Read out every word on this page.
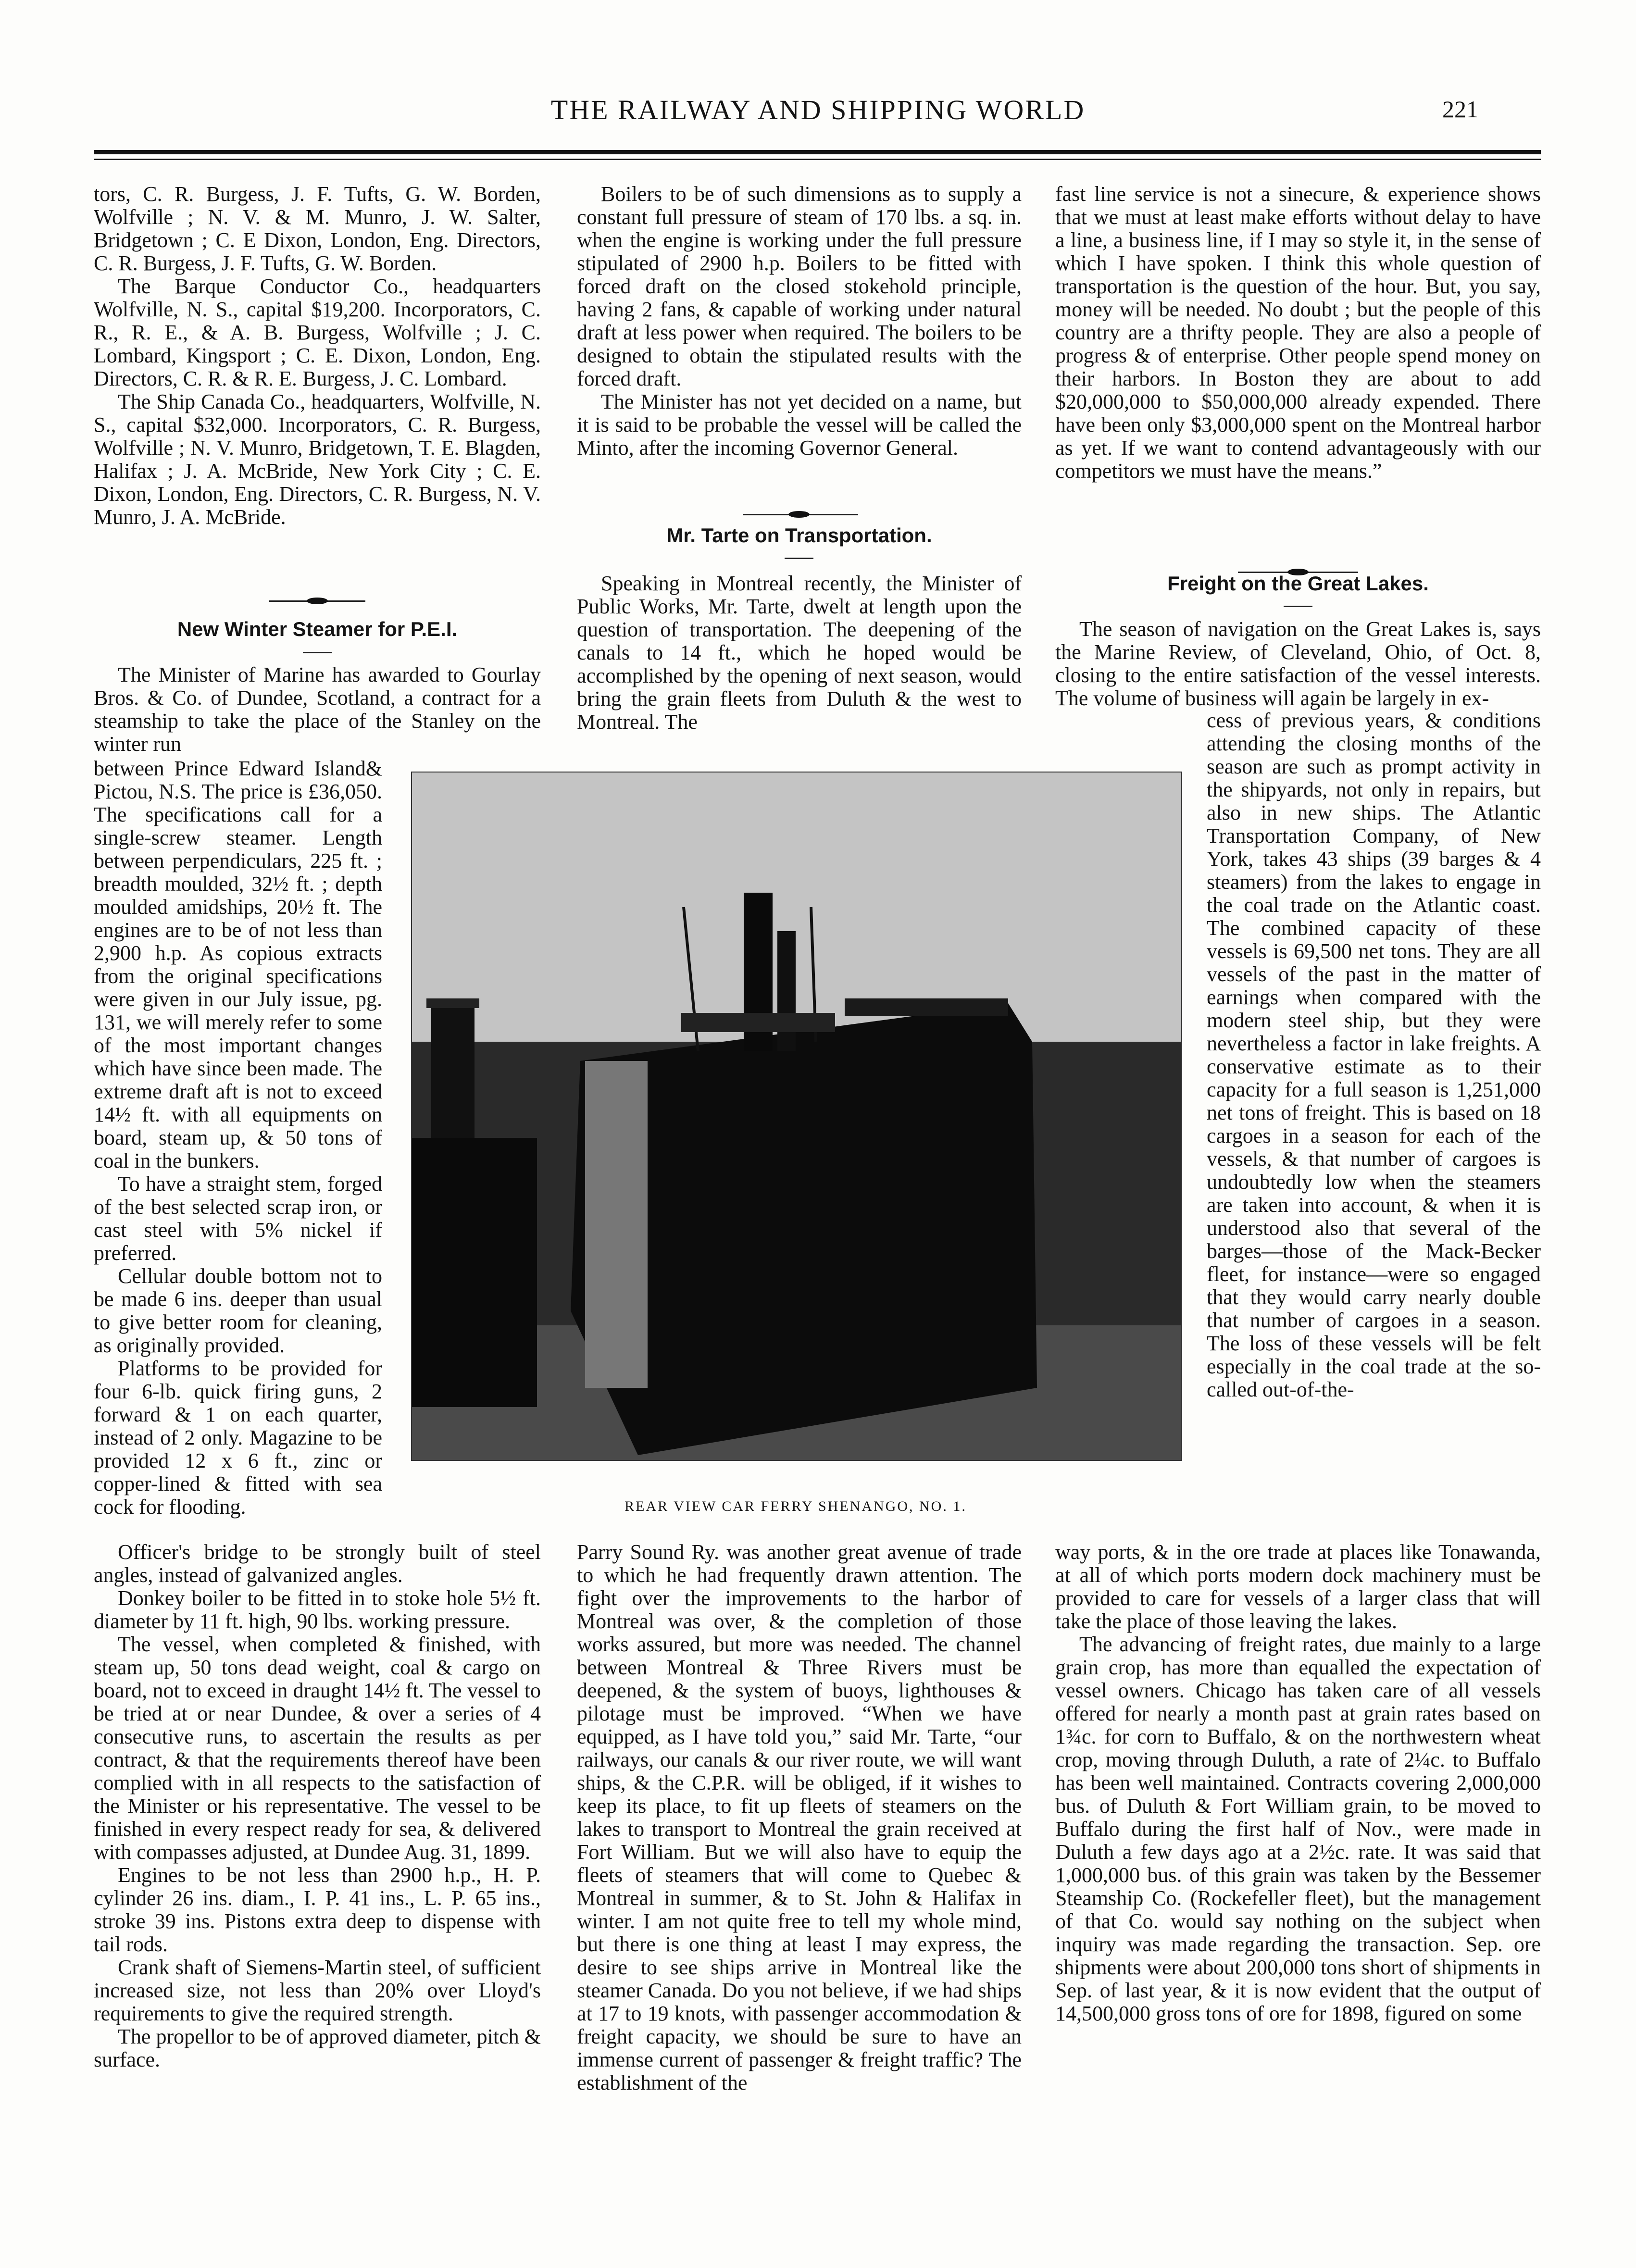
THE RAILWAY AND SHIPPING WORLD	221

tors, C. R. Burgess, J. F. Tufts, G. W. Borden, Wolfville ; N. V. & M. Munro, J. W. Salter, Bridgetown ; C. E Dixon, London, Eng. Directors, C. R. Burgess, J. F. Tufts, G. W. Borden.

The Barque Conductor Co., headquarters Wolfville, N. S., capital $19,200. Incorporators, C. R., R. E., & A. B. Burgess, Wolfville ; J. C. Lombard, Kingsport ; C. E. Dixon, London, Eng. Directors, C. R. & R. E. Burgess, J. C. Lombard.

The Ship Canada Co., headquarters, Wolfville, N. S., capital $32,000. Incorporators, C. R. Burgess, Wolfville ; N. V. Munro, Bridgetown, T. E. Blagden, Halifax ; J. A. McBride, New York City ; C. E. Dixon, London, Eng. Directors, C. R. Burgess, N. V. Munro, J. A. McBride.

New Winter Steamer for P.E.I.

The Minister of Marine has awarded to Gourlay Bros. & Co. of Dundee, Scotland, a contract for a steamship to take the place of the Stanley on the winter run

between Prince Edward Island& Pictou, N.S. The price is £36,050. The specifications call for a single-screw steamer. Length between perpendiculars, 225 ft. ; breadth moulded, 32½ ft. ; depth moulded amidships, 20½ ft. The engines are to be of not less than 2,900 h.p. As copious extracts from the original specifications were given in our July issue, pg. 131, we will merely refer to some of the most important changes which have since been made. The extreme draft aft is not to exceed 14½ ft. with all equipments on board, steam up, & 50 tons of coal in the bunkers.

To have a straight stem, forged of the best selected scrap iron, or cast steel with 5% nickel if preferred.

Cellular double bottom not to be made 6 ins. deeper than usual to give better room for cleaning, as originally provided.

Platforms to be provided for four 6-lb. quick firing guns, 2 forward & 1 on each quarter, instead of 2 only. Magazine to be provided 12 x 6 ft., zinc or copper-lined & fitted with sea cock for flooding.

Officer's bridge to be strongly built of steel angles, instead of galvanized angles.

Donkey boiler to be fitted in to stoke hole 5½ ft. diameter by 11 ft. high, 90 lbs. working pressure.

The vessel, when completed & finished, with steam up, 50 tons dead weight, coal & cargo on board, not to exceed in draught 14½ ft. The vessel to be tried at or near Dundee, & over a series of 4 consecutive runs, to ascertain the results as per contract, & that the requirements thereof have been complied with in all respects to the satisfaction of the Minister or his representative. The vessel to be finished in every respect ready for sea, & delivered with compasses adjusted, at Dundee Aug. 31, 1899.

Engines to be not less than 2900 h.p., H. P. cylinder 26 ins. diam., I. P. 41 ins., L. P. 65 ins., stroke 39 ins. Pistons extra deep to dispense with tail rods.

Crank shaft of Siemens-Martin steel, of sufficient increased size, not less than 20% over Lloyd's requirements to give the required strength.

The propellor to be of approved diameter, pitch & surface.

Boilers to be of such dimensions as to supply a constant full pressure of steam of 170 lbs. a sq. in. when the engine is working under the full pressure stipulated of 2900 h.p. Boilers to be fitted with forced draft on the closed stokehold principle, having 2 fans, & capable of working under natural draft at less power when required. The boilers to be designed to obtain the stipulated results with the forced draft.

The Minister has not yet decided on a name, but it is said to be probable the vessel will be called the Minto, after the incoming Governor General.

Mr. Tarte on Transportation.

Speaking in Montreal recently, the Minister of Public Works, Mr. Tarte, dwelt at length upon the question of transportation. The deepening of the canals to 14 ft., which he hoped would be accomplished by the opening of next season, would bring the grain fleets from Duluth & the west to Montreal. The

REAR VIEW CAR FERRY SHENANGO, NO. 1.

Parry Sound Ry. was another great avenue of trade to which he had frequently drawn attention. The fight over the improvements to the harbor of Montreal was over, & the completion of those works assured, but more was needed. The channel between Montreal & Three Rivers must be deepened, & the system of buoys, lighthouses & pilotage must be improved. “When we have equipped, as I have told you,” said Mr. Tarte, “our railways, our canals & our river route, we will want ships, & the C.P.R. will be obliged, if it wishes to keep its place, to fit up fleets of steamers on the lakes to transport to Montreal the grain received at Fort William. But we will also have to equip the fleets of steamers that will come to Quebec & Montreal in summer, & to St. John & Halifax in winter. I am not quite free to tell my whole mind, but there is one thing at least I may express, the desire to see ships arrive in Montreal like the steamer Canada. Do you not believe, if we had ships at 17 to 19 knots, with passenger accommodation & freight capacity, we should be sure to have an immense current of passenger & freight traffic? The establishment of the

fast line service is not a sinecure, & experience shows that we must at least make efforts without delay to have a line, a business line, if I may so style it, in the sense of which I have spoken. I think this whole question of transportation is the question of the hour. But, you say, money will be needed. No doubt ; but the people of this country are a thrifty people. They are also a people of progress & of enterprise. Other people spend money on their harbors. In Boston they are about to add $20,000,000 to $50,000,000 already expended. There have been only $3,000,000 spent on the Montreal harbor as yet. If we want to contend advantageously with our competitors we must have the means.”

Freight on the Great Lakes.

The season of navigation on the Great Lakes is, says the Marine Review, of Cleveland, Ohio, of Oct. 8, closing to the entire satisfaction of the vessel interests. The volume of business will again be largely in ex-

cess of previous years, & conditions attending the closing months of the season are such as prompt activity in the shipyards, not only in repairs, but also in new ships. The Atlantic Transportation Company, of New York, takes 43 ships (39 barges & 4 steamers) from the lakes to engage in the coal trade on the Atlantic coast. The combined capacity of these vessels is 69,500 net tons. They are all vessels of the past in the matter of earnings when compared with the modern steel ship, but they were nevertheless a factor in lake freights. A conservative estimate as to their capacity for a full season is 1,251,000 net tons of freight. This is based on 18 cargoes in a season for each of the vessels, & that number of cargoes is undoubtedly low when the steamers are taken into account, & when it is understood also that several of the barges—those of the Mack-Becker fleet, for instance—were so engaged that they would carry nearly double that number of cargoes in a season. The loss of these vessels will be felt especially in the coal trade at the so-called out-of-the-

way ports, & in the ore trade at places like Tonawanda, at all of which ports modern dock machinery must be provided to care for vessels of a larger class that will take the place of those leaving the lakes.

The advancing of freight rates, due mainly to a large grain crop, has more than equalled the expectation of vessel owners. Chicago has taken care of all vessels offered for nearly a month past at grain rates based on 1¾c. for corn to Buffalo, & on the northwestern wheat crop, moving through Duluth, a rate of 2¼c. to Buffalo has been well maintained. Contracts covering 2,000,000 bus. of Duluth & Fort William grain, to be moved to Buffalo during the first half of Nov., were made in Duluth a few days ago at a 2½c. rate. It was said that 1,000,000 bus. of this grain was taken by the Bessemer Steamship Co. (Rockefeller fleet), but the management of that Co. would say nothing on the subject when inquiry was made regarding the transaction. Sep. ore shipments were about 200,000 tons short of shipments in Sep. of last year, & it is now evident that the output of 14,500,000 gross tons of ore for 1898, figured on some
